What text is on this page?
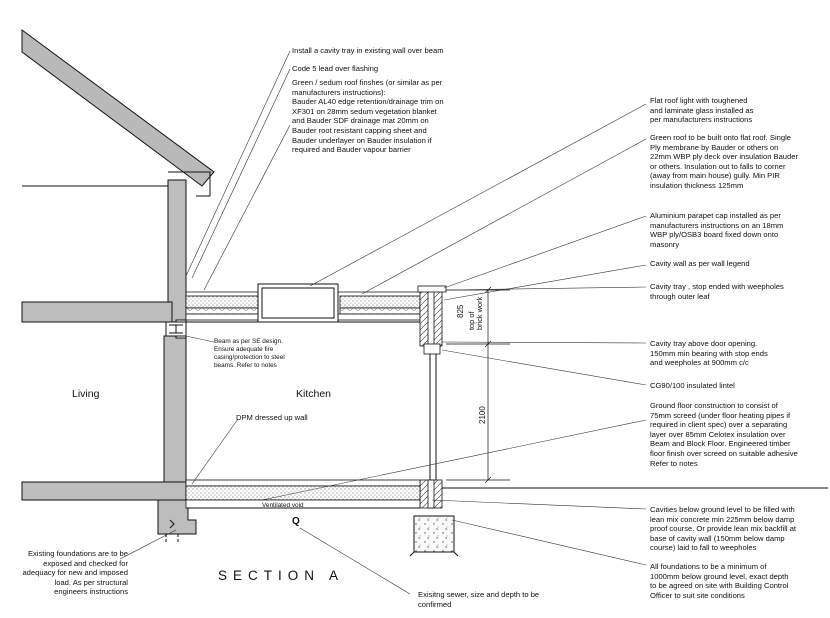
Install a cavity tray in existing wall over beam
Code 5 lead over flashing
Green / sedum roof finshes (or similar as per
manufacturers instructions):
Bauder AL40 edge retention/drainage trim on
XF301 on 28mm sedum vegetation blanket
and Bauder SDF drainage mat 20mm on
Bauder root resistant capping sheet and
Bauder underlayer on Bauder insulation if
required and Bauder vapour barrier
Flat roof light with toughened
and laminate glass installed as
per manufacturers instructions
Green roof to be built onto flat roof. Single
Ply membrane by Bauder or others on
22mm WBP ply deck over insulation Bauder
or others. Insulation out to falls to corner
(away from main house) gully. Min PIR
insulation thickness 125mm
Aluminium parapet cap installed as per
manufacturers instructions on an 18mm
WBP ply/OSB3 board fixed down onto
masonry
Cavity wall as per wall legend
Cavity tray , stop ended with weepholes
through outer leaf
Cavity tray above door opening.
150mm min bearing with stop ends
and weepholes at 900mm c/c
CG90/100 insulated lintel
Ground floor construction to consist of
75mm screed (under floor heating pipes if
required in client spec) over a separating
layer over 85mm Celotex insulation over
Beam and Block Floor. Engineered timber
floor finish over screed on suitable adhesive
Refer to notes
Cavities below ground level to be filled with
lean mix concrete min 225mm below damp
proof course. Or provide lean mix backfill at
base of cavity wall (150mm below damp
course) laid to fall to weepholes
All foundations to be a minimum of
1000mm below ground level, exact depth
to be agreed on site with Building Control
Officer to suit site conditions
Existing foundations are to be
exposed and checked for
adequacy for new and imposed
load. As per structural
engineers instructions	Exisitng sewer, size and depth to be
confirmed
DPM dressed up wall
Beam as per SE design.
Ensure adequate fire
casing/protection to steel
beams. Refer to notes
Living	Kitchen
Ventilated void
Q
SECTION A
825
top of
brick work
2100
